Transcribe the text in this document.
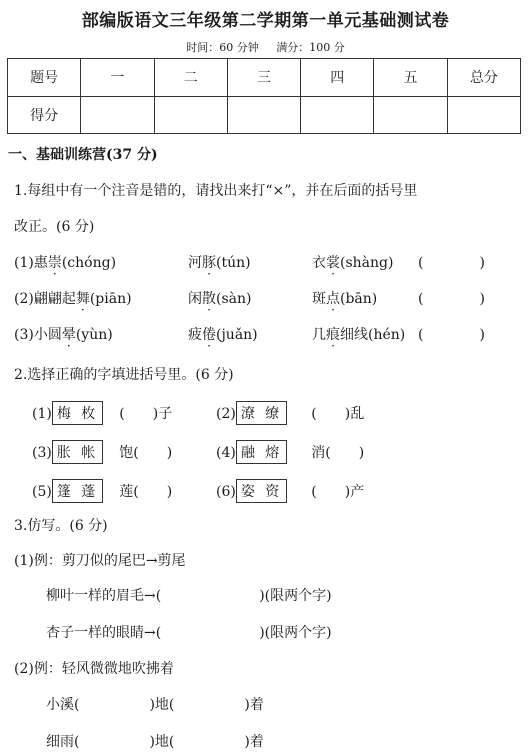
部编版语文三年级第二学期第一单元基础测试卷
时间：60 分钟 满分：100 分
题号	一	二	三	四	五	总分
得分						
一、基础训练营(37 分)
1.每组中有一个注音是错的，请找出来打“×”，并在后面的括号里
改正。(6 分)
(1)惠崇(chóng)	河豚(tún)	衣裳(shàng) (　　　　)
(2)翩翩起舞(piān)	闲散(sàn)	斑点(bān)	(　　　　)
(3)小圆晕(yùn)	疲倦(juǎn)	几痕细线(hén) (　　　　)
2.选择正确的字填进括号里。(6 分)
(1) 梅 枚 (　　)子	(2) 潦 缭 (　　)乱
(3) 胀 帐 饱(　　)	(4) 融 熔 消(　　)
(5) 篷 蓬 莲(　　)	(6) 姿 资 (　　)产
3.仿写。(6 分)
(1)例：剪刀似的尾巴→剪尾
柳叶一样的眉毛→(　　　　　　　)(限两个字)
杏子一样的眼睛→(　　　　　　　)(限两个字)
(2)例：轻风微微地吹拂着
小溪(　　　　　)地(　　　　　)着
细雨(　　　　　)地(　　　　　)着
